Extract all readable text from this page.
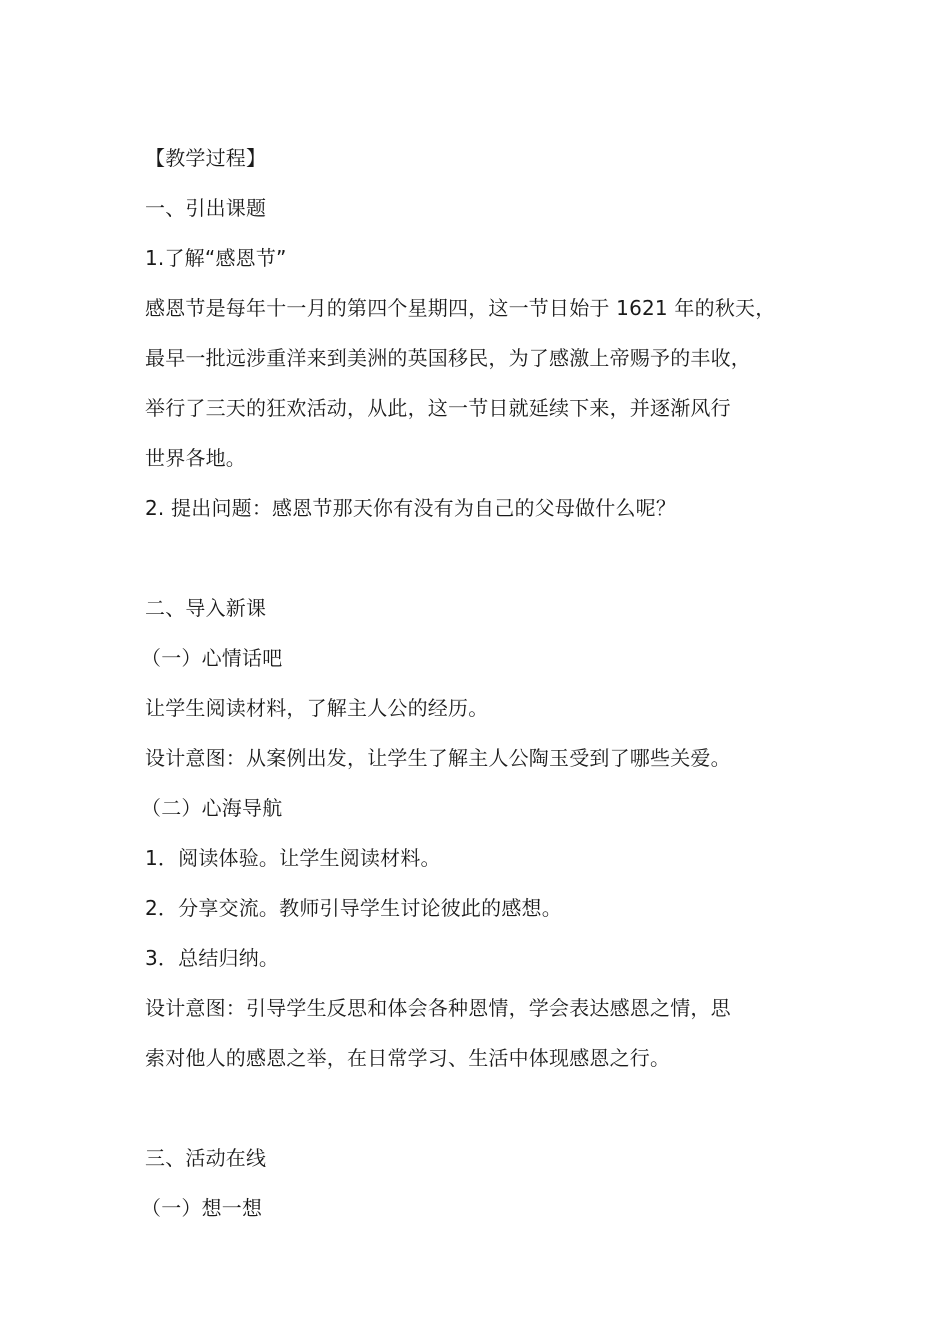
【教学过程】
一、引出课题
1.了解“感恩节”
感恩节是每年十一月的第四个星期四，这一节日始于 1621 年的秋天，
最早一批远涉重洋来到美洲的英国移民，为了感激上帝赐予的丰收，
举行了三天的狂欢活动，从此，这一节日就延续下来，并逐渐风行
世界各地。
2. 提出问题：感恩节那天你有没有为自己的父母做什么呢？
二、导入新课
（一）心情话吧
让学生阅读材料，了解主人公的经历。
设计意图：从案例出发，让学生了解主人公陶玉受到了哪些关爱。
（二）心海导航
1．阅读体验。让学生阅读材料。
2．分享交流。教师引导学生讨论彼此的感想。
3．总结归纳。
设计意图：引导学生反思和体会各种恩情，学会表达感恩之情，思
索对他人的感恩之举，在日常学习、生活中体现感恩之行。
三、活动在线
（一）想一想
